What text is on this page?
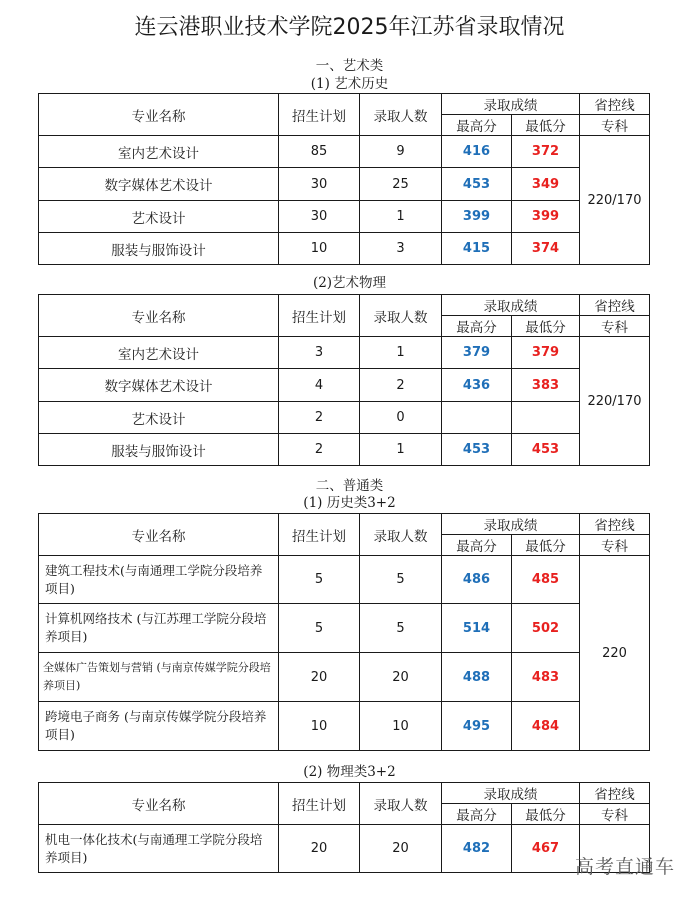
连云港职业技术学院2025年江苏省录取情况
一、艺术类
(1) 艺术历史
(2)艺术物理
二、普通类
(1) 历史类3+2
(2) 物理类3+2
专业名称	招生计划	录取人数	录取成绩		省控线
			最高分	最低分	专科
室内艺术设计	85	9	416	372	220/170
数字媒体艺术设计	30	25	453	349	
艺术设计	30	1	399	399	
服装与服饰设计	10	3	415	374	
专业名称	招生计划	录取人数	录取成绩		省控线
			最高分	最低分	专科
室内艺术设计	3	1	379	379	220/170
数字媒体艺术设计	4	2	436	383	
艺术设计	2	0			
服装与服饰设计	2	1	453	453	
专业名称	招生计划	录取人数	录取成绩		省控线
			最高分	最低分	专科
建筑工程技术(与南通理工学院分段培养项目)	5	5	486	485	220
计算机网络技术 (与江苏理工学院分段培养项目)	5	5	514	502	
全媒体广告策划与营销 (与南京传媒学院分段培养项目)	20	20	488	483	
跨境电子商务 (与南京传媒学院分段培养项目)	10	10	495	484	
专业名称	招生计划	录取人数	录取成绩		省控线
			最高分	最低分	专科
机电一体化技术(与南通理工学院分段培养项目)	20	20	482	467	
高考直通车
